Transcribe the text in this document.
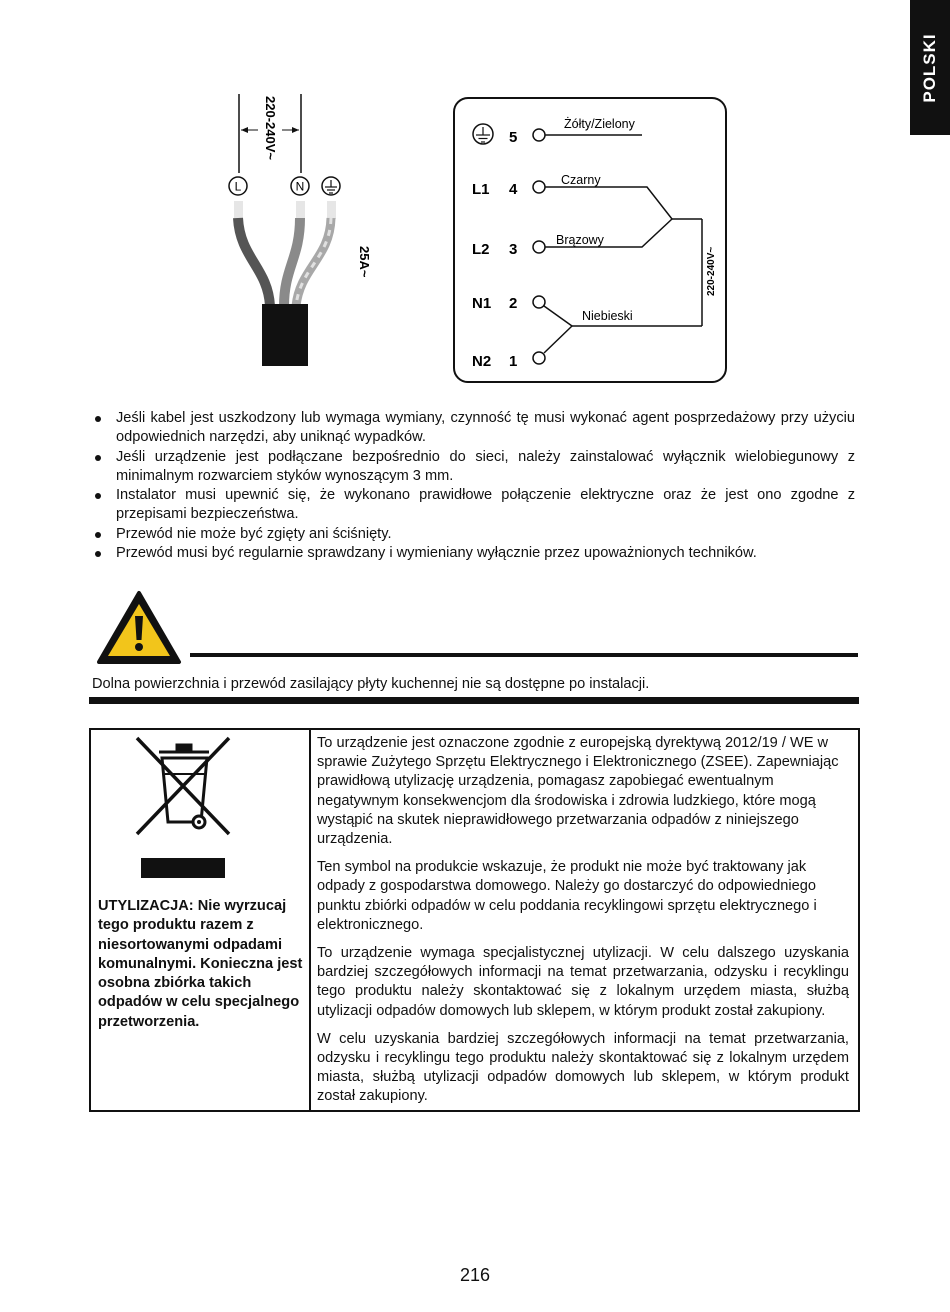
POLSKI
220-240V~
L	N
25A~
L1
L2
N1
N2
5
4
3
2
1
Żółty/Zielony
Czarny
Brązowy
Niebieski
220-240V~
Jeśli kabel jest uszkodzony lub wymaga wymiany, czynność tę musi wykonać agent posprzedażowy przy użyciu odpowiednich narzędzi, aby uniknąć wypadków.
Jeśli urządzenie jest podłączane bezpośrednio do sieci, należy zainstalować wyłącznik wielobiegunowy z minimalnym rozwarciem styków wynoszącym 3 mm.
Instalator musi upewnić się, że wykonano prawidłowe połączenie elektryczne oraz że jest ono zgodne z przepisami bezpieczeństwa.
Przewód nie może być zgięty ani ściśnięty.
Przewód musi być regularnie sprawdzany i wymieniany wyłącznie przez upoważnionych techników.
Dolna powierzchnia i przewód zasilający płyty kuchennej nie są dostępne po instalacji.
UTYLIZACJA: Nie wyrzucaj tego produktu razem z niesortowanymi odpadami komunalnymi. Konieczna jest osobna zbiórka takich odpadów w celu specjalnego przetworzenia.

To urządzenie jest oznaczone zgodnie z europejską dyrektywą 2012/19 / WE w sprawie Zużytego Sprzętu Elektrycznego i Elektronicznego (ZSEE). Zapewniając prawidłową utylizację urządzenia, pomagasz zapobiegać ewentualnym negatywnym konsekwencjom dla środowiska i zdrowia ludzkiego, które mogą wystąpić na skutek nieprawidłowego przetwarzania odpadów z niniejszego urządzenia.

Ten symbol na produkcie wskazuje, że produkt nie może być traktowany jak odpady z gospodarstwa domowego. Należy go dostarczyć do odpowiedniego punktu zbiórki odpadów w celu poddania recyklingowi sprzętu elektrycznego i elektronicznego.

To urządzenie wymaga specjalistycznej utylizacji. W celu dalszego uzyskania bardziej szczegółowych informacji na temat przetwarzania, odzysku i recyklingu tego produktu należy skontaktować się z lokalnym urzędem miasta, służbą utylizacji odpadów domowych lub sklepem, w którym produkt został zakupiony.

W celu uzyskania bardziej szczegółowych informacji na temat przetwarzania, odzysku i recyklingu tego produktu należy skontaktować się z lokalnym urzędem miasta, służbą utylizacji odpadów domowych lub sklepem, w którym produkt został zakupiony.

216
